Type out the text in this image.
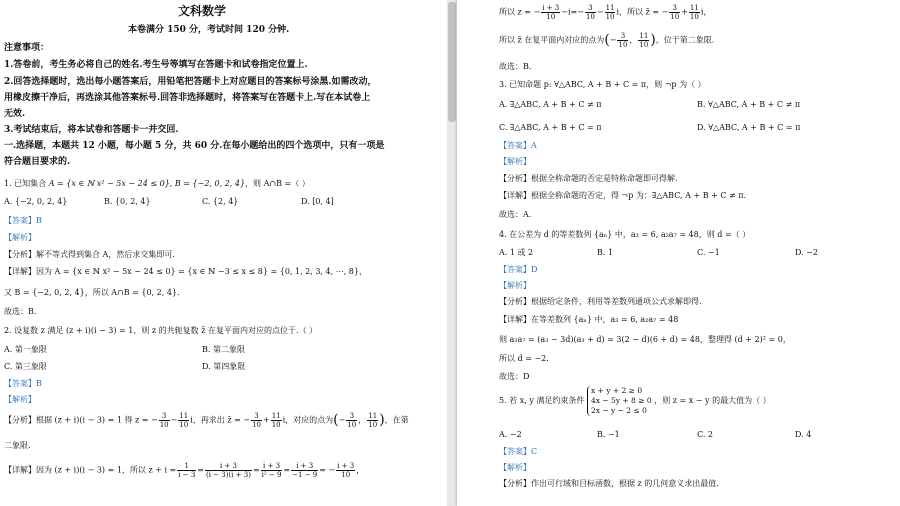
文科数学
本卷满分 150 分，考试时间 120 分钟.
注意事项：
1.答卷前，考生务必将自己的姓名.考生号等填写在答题卡和试卷指定位置上.
2.回答选择题时，选出每小题答案后，用铅笔把答题卡上对应题目的答案标号涂黑.如需改动，
用橡皮擦干净后，再选涂其他答案标号.回答非选择题时，将答案写在答题卡上.写在本试卷上
无效.
3.考试结束后，将本试卷和答题卡一并交回.
一.选择题，本题共 12 小题，每小题 5 分，共 60 分.在每小题给出的四个选项中，只有一项是
符合题目要求的.
1. 已知集合 A = {x ∈ ℕ x² − 5x − 24 ≤ 0}, B = {−2, 0, 2, 4}，则 A∩B =（ ）
A. {−2, 0, 2, 4}	B. {0, 2, 4}	C. {2, 4}	D. [0, 4]
【答案】B
【解析】
【分析】解不等式得到集合 A，然后求交集即可.
【详解】因为 A = {x ∈ ℕ x² − 5x − 24 ≤ 0} = {x ∈ ℕ −3 ≤ x ≤ 8} = {0, 1, 2, 3, 4, ⋯, 8}，
又 B = {−2, 0, 2, 4}，所以 A∩B = {0, 2, 4}.
故选：B.
2. 设复数 z 满足 (z + i)(i − 3) = 1，则 z 的共轭复数 z̄ 在复平面内对应的点位于.（ ）
A. 第一象限	B. 第二象限
C. 第三象限	D. 第四象限
【答案】B
【解析】
【分析】根据 (z + i)(i − 3) = 1 得 z = − $\frac{3}{10} - \frac{11}{10}$ i，再求出 z̄ = − $\frac{3}{10} + \frac{11}{10}$ i，对应的点为(− $\frac{3}{10}$ ， $\frac{11}{10}$ )，在第
二象限.
【详解】因为 (z + i)(i − 3) = 1，所以 $z + i = \frac{1}{i - 3} = \frac{i + 3}{(i - 3)(i + 3)} = \frac{i + 3}{\text{i² − 9}} = \frac{i + 3}{-1 - 9}$ = − $\frac{i + 3}{10}$ ，
所以 z = − $\frac{i + 3}{10} -i=- \frac{3}{10} - \frac{11}{10}$ i，所以 z̄ = − $\frac{3}{10} + \frac{11}{10}$ i，
所以 z̄ 在复平面内对应的点为(− $\frac{3}{10}$ ， $\frac{11}{10}$ )，位于第二象限.
故选：B.
3. 已知命题 p: ∀△ABC, A + B + C = π，则 ¬p 为（ ）
A. ∃△ABC, A + B + C ≠ π	B. ∀△ABC, A + B + C ≠ π
C. ∃△ABC, A + B + C = π	D. ∀△ABC, A + B + C = π
【答案】A
【解析】
【分析】根据全称命题的否定是特称命题即可得解.
【详解】根据全称命题的否定，得 ¬p 为：∃△ABC, A + B + C ≠ π.
故选：A.
4. 在公差为 d 的等差数列 {aₙ} 中，a₃ = 6, a₂a₇ = 48，则 d =（ ）
A. 1 或 2	B. 1	C. −1	D. −2
【答案】D
【解析】
【分析】根据给定条件，利用等差数列通项公式求解即得.
【详解】在等差数列 {aₙ} 中，a₃ = 6, a₂a₇ = 48
则 a₂a₇ = (a₃ − 3d)(a₃ + d) = 3(2 − d)(6 + d) = 48，整理得 (d + 2)² = 0，
所以 d = −2.
故选：D
5. 若 x, y 满足约束条件
x + y + 2 ≥ 0
4x − 5y + 8 ≥ 0
2x − y − 2 ≤ 0
，则 z = x − y 的最大值为（ ）
A. −2	B. −1	C. 2	D. 4
【答案】C
【解析】
【分析】作出可行域和目标函数，根据 z 的几何意义求出最值.
